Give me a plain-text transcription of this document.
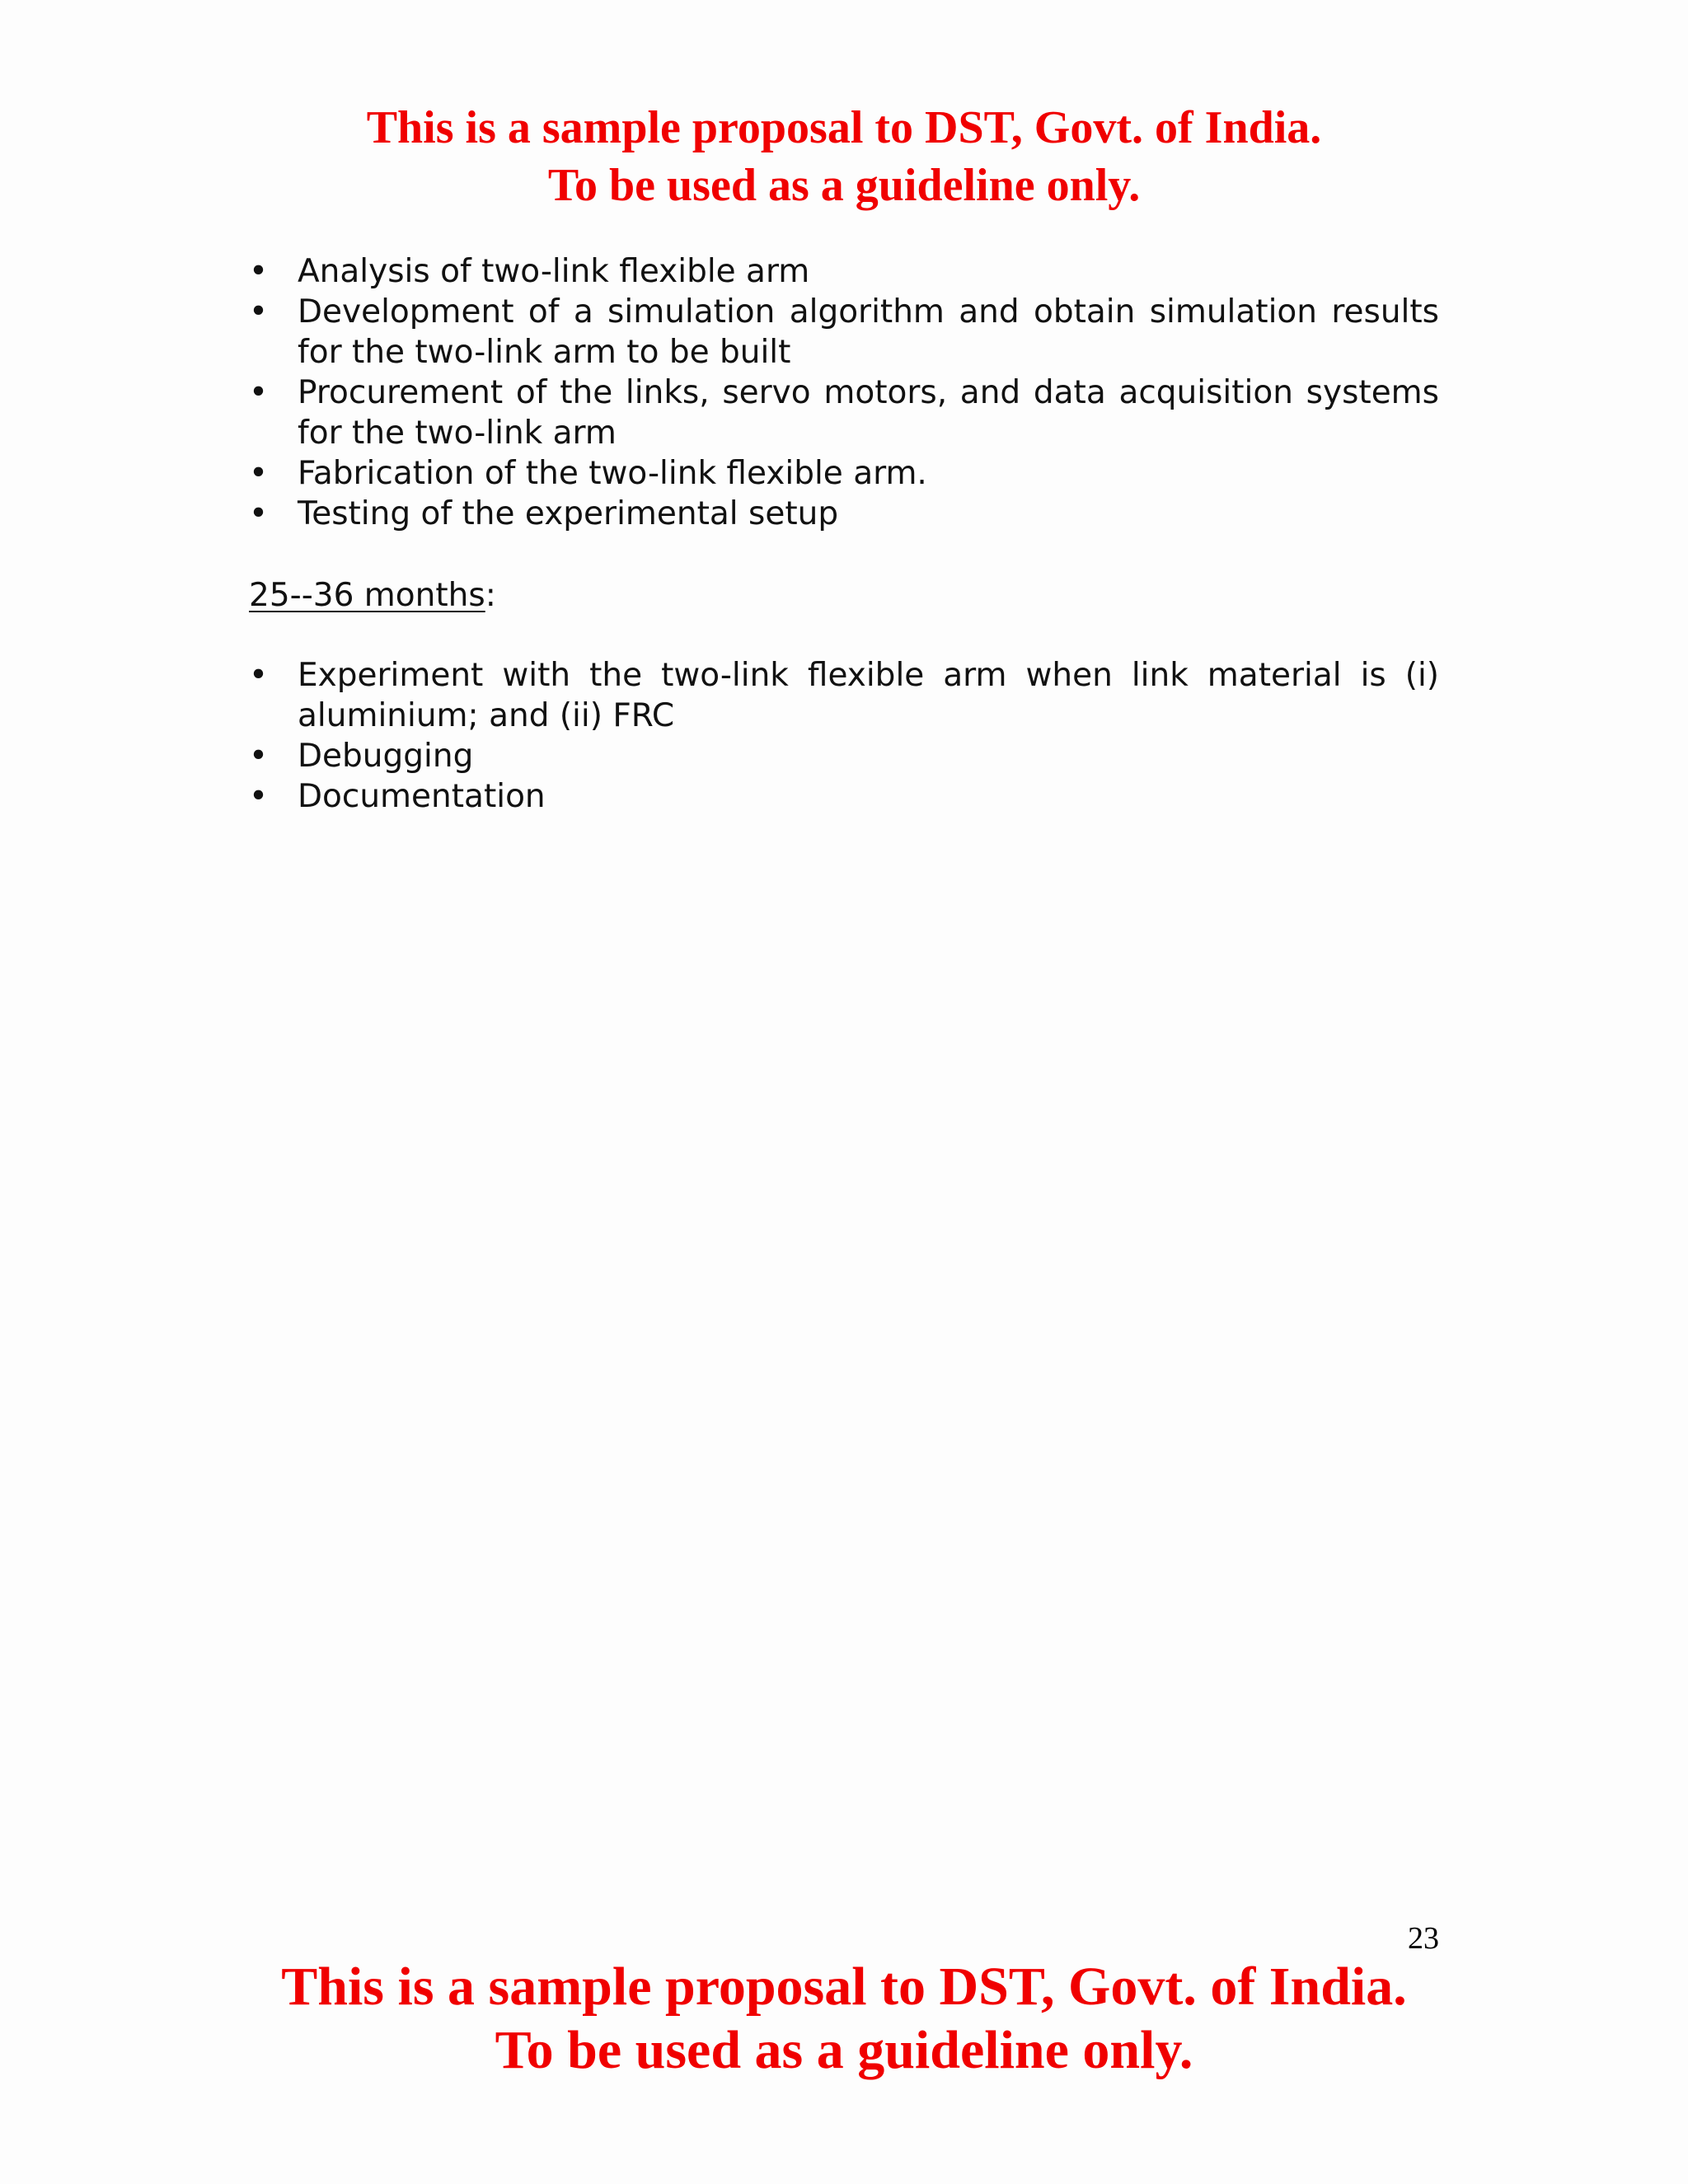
This is a sample proposal to DST, Govt. of India.
To be used as a guideline only.
• Analysis of two-link flexible arm
• Development of a simulation algorithm and obtain simulation results for the two-link arm to be built
• Procurement of the links, servo motors, and data acquisition systems for the two-link arm
• Fabrication of the two-link flexible arm.
• Testing of the experimental setup

25--36 months:

• Experiment with the two-link flexible arm when link material is (i) aluminium; and (ii) FRC
• Debugging
• Documentation
23
This is a sample proposal to DST, Govt. of India.
To be used as a guideline only.
